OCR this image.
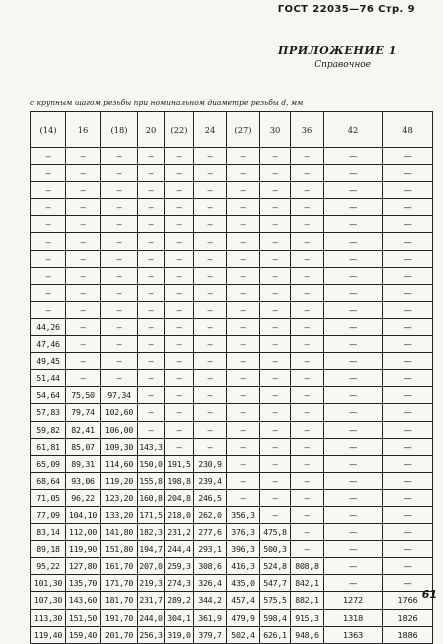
ГОСТ 22035—76 Стр. 9
ПРИЛОЖЕНИЕ 1
Справочное
с крупным шагом резьбы при номинальном диаметре резьбы d, мм
(14)	16	(18)	20	(22)	24	(27)	30	36	42	48
—	—	—	—	—	—	—	—	—	—	—
—	—	—	—	—	—	—	—	—	—	—
—	—	—	—	—	—	—	—	—	—	—
—	—	—	—	—	—	—	—	—	—	—
—	—	—	—	—	—	—	—	—	—	—
—	—	—	—	—	—	—	—	—	—	—
—	—	—	—	—	—	—	—	—	—	—
—	—	—	—	—	—	—	—	—	—	—
—	—	—	—	—	—	—	—	—	—	—
—	—	—	—	—	—	—	—	—	—	—
44,26	—	—	—	—	—	—	—	—	—	—
47,46	—	—	—	—	—	—	—	—	—	—
49,45	—	—	—	—	—	—	—	—	—	—
51,44	—	—	—	—	—	—	—	—	—	—
54,64	75,50	97,34	—	—	—	—	—	—	—	—
57,83	79,74	102,60	—	—	—	—	—	—	—	—
59,82	82,41	106,00	—	—	—	—	—	—	—	—
61,81	85,07	109,30	143,3	—	—	—	—	—	—	—
65,09	89,31	114,60	150,0	191,5	230,9	—	—	—	—	—
68,64	93,06	119,20	155,8	198,8	239,4	—	—	—	—	—
71,05	96,22	123,20	160,8	204,8	246,5	—	—	—	—	—
77,09	104,10	133,20	171,5	218,0	262,0	356,3	—	—	—	—
83,14	112,00	141,80	182,3	231,2	277,6	376,3	475,8	—	—	—
89,18	119,90	151,80	194,7	244,4	293,1	396,3	500,3	—	—	—
95,22	127,80	161,70	207,0	259,3	308,6	416,3	524,8	808,8	—	—
101,30	135,70	171,70	219,3	274,3	326,4	435,0	547,7	842,1	—	—
107,30	143,60	181,70	231,7	289,2	344,2	457,4	575,5	882,1	1272	1766
113,30	151,50	191,70	244,0	304,1	361,9	479,9	598,4	915,3	1318	1826
119,40	159,40	201,70	256,3	319,0	379,7	502,4	626,1	948,6	1363	1886
61
